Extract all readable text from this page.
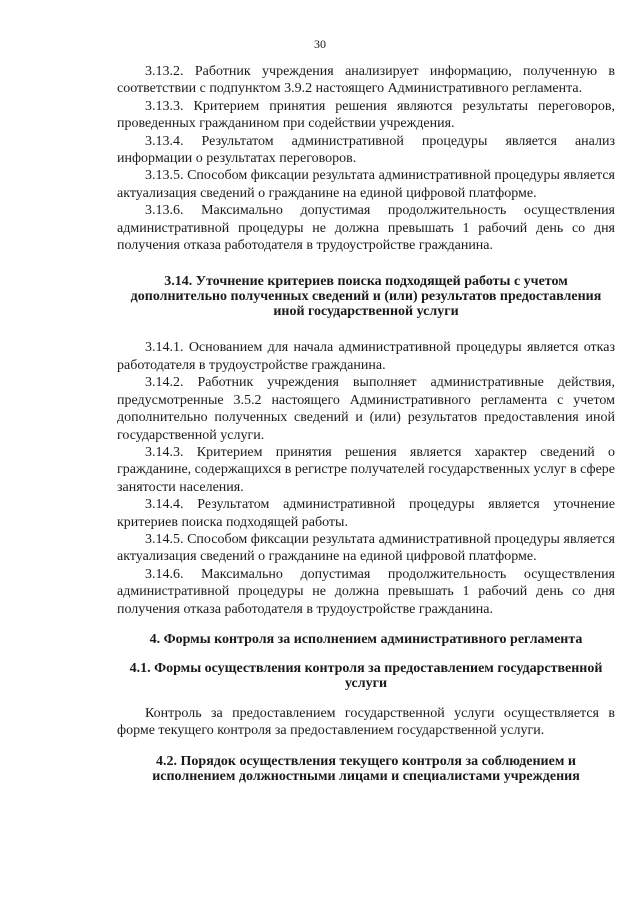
30

3.13.2. Работник учреждения анализирует информацию, полученную в соответствии с подпунктом 3.9.2 настоящего Административного регламента.

3.13.3. Критерием принятия решения являются результаты переговоров, проведенных гражданином при содействии учреждения.

3.13.4. Результатом административной процедуры является анализ информации о результатах переговоров.

3.13.5. Способом фиксации результата административной процедуры является актуализация сведений о гражданине на единой цифровой платформе.

3.13.6. Максимально допустимая продолжительность осуществления административной процедуры не должна превышать 1 рабочий день со дня получения отказа работодателя в трудоустройстве гражданина.

3.14. Уточнение критериев поиска подходящей работы с учетом дополнительно полученных сведений и (или) результатов предоставления иной государственной услуги

3.14.1. Основанием для начала административной процедуры является отказ работодателя в трудоустройстве гражданина.

3.14.2. Работник учреждения выполняет административные действия, предусмотренные 3.5.2 настоящего Административного регламента с учетом дополнительно полученных сведений и (или) результатов предоставления иной государственной услуги.

3.14.3. Критерием принятия решения является характер сведений о гражданине, содержащихся в регистре получателей государственных услуг в сфере занятости населения.

3.14.4. Результатом административной процедуры является уточнение критериев поиска подходящей работы.

3.14.5. Способом фиксации результата административной процедуры является актуализация сведений о гражданине на единой цифровой платформе.

3.14.6. Максимально допустимая продолжительность осуществления административной процедуры не должна превышать 1 рабочий день со дня получения отказа работодателя в трудоустройстве гражданина.

4. Формы контроля за исполнением административного регламента
4.1. Формы осуществления контроля за предоставлением государственной услуги

Контроль за предоставлением государственной услуги осуществляется в форме текущего контроля за предоставлением государственной услуги.

4.2. Порядок осуществления текущего контроля за соблюдением и исполнением должностными лицами и специалистами учреждения
